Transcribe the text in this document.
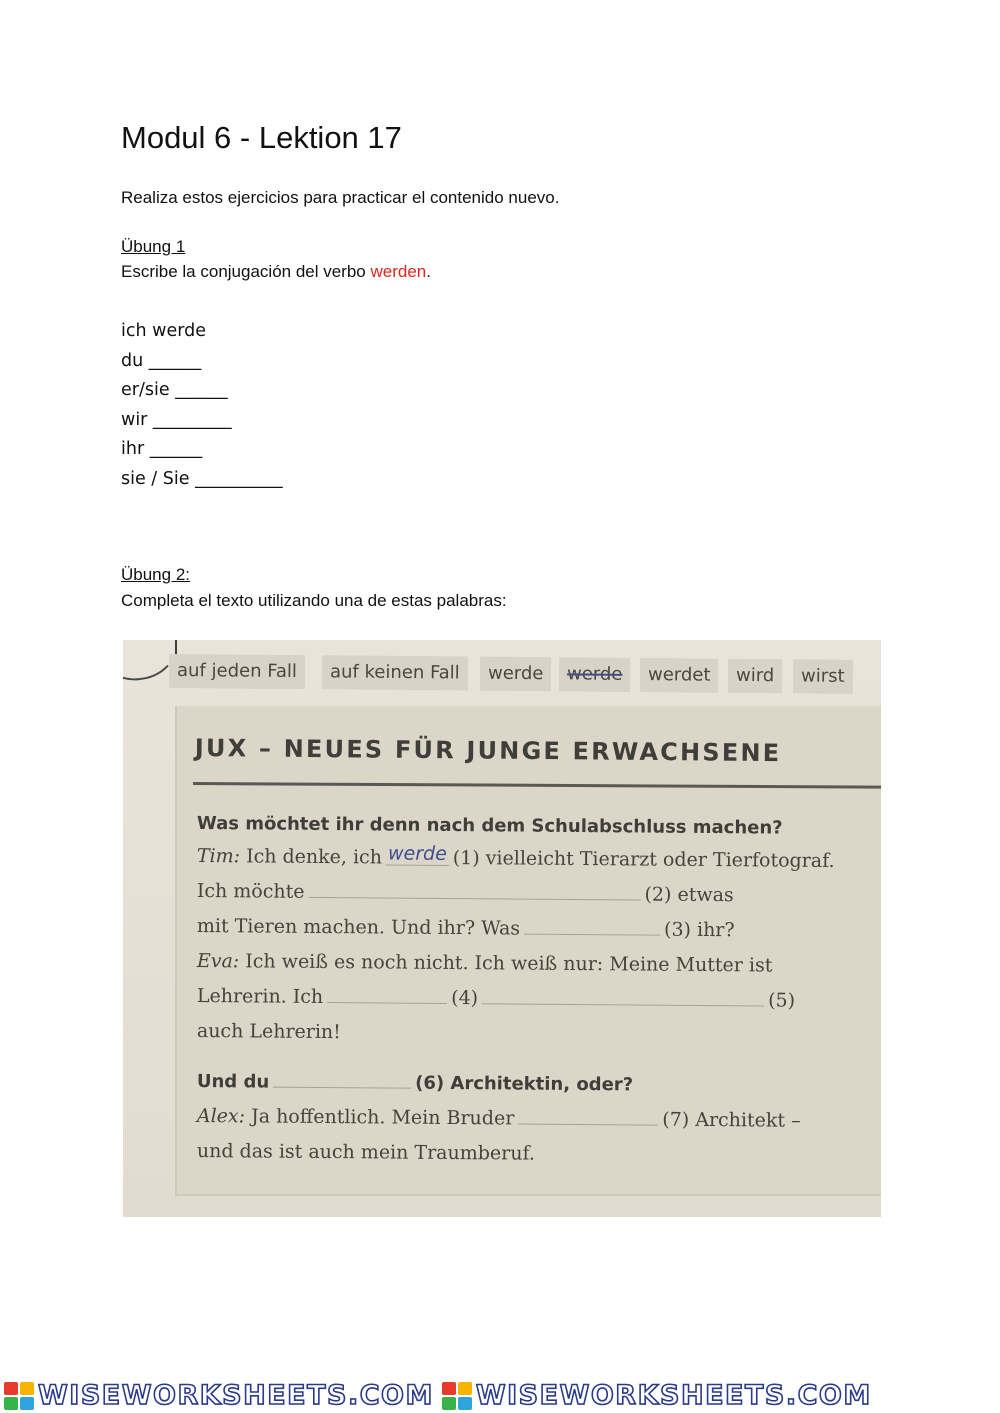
Modul 6 - Lektion 17

Realiza estos ejercicios para practicar el contenido nuevo.

Übung 1
Escribe la conjugación del verbo werden.
ich werde
du ______
er/sie ______
wir _________
ihr ______
sie / Sie __________
Übung 2:
Completa el texto utilizando una de estas palabras:
auf jeden Fall	auf keinen Fall	werde	werde	werdet	wird	wirst
JUX – NEUES FÜR JUNGE ERWACHSENE
Was möchtet ihr denn nach dem Schulabschluss machen?
Tim: Ich denke, ich werde (1) vielleicht Tierarzt oder Tierfotograf.
Ich möchte	(2) etwas
mit Tieren machen. Und ihr? Was	(3) ihr?
Eva: Ich weiß es noch nicht. Ich weiß nur: Meine Mutter ist
Lehrerin. Ich	(4)	(5)
auch Lehrerin!
Und du	(6) Architektin, oder?
Alex: Ja hoffentlich. Mein Bruder	(7) Architekt –
und das ist auch mein Traumberuf.
WISEWORKSHEETS.COM WISEWORKSHEETS.COM
